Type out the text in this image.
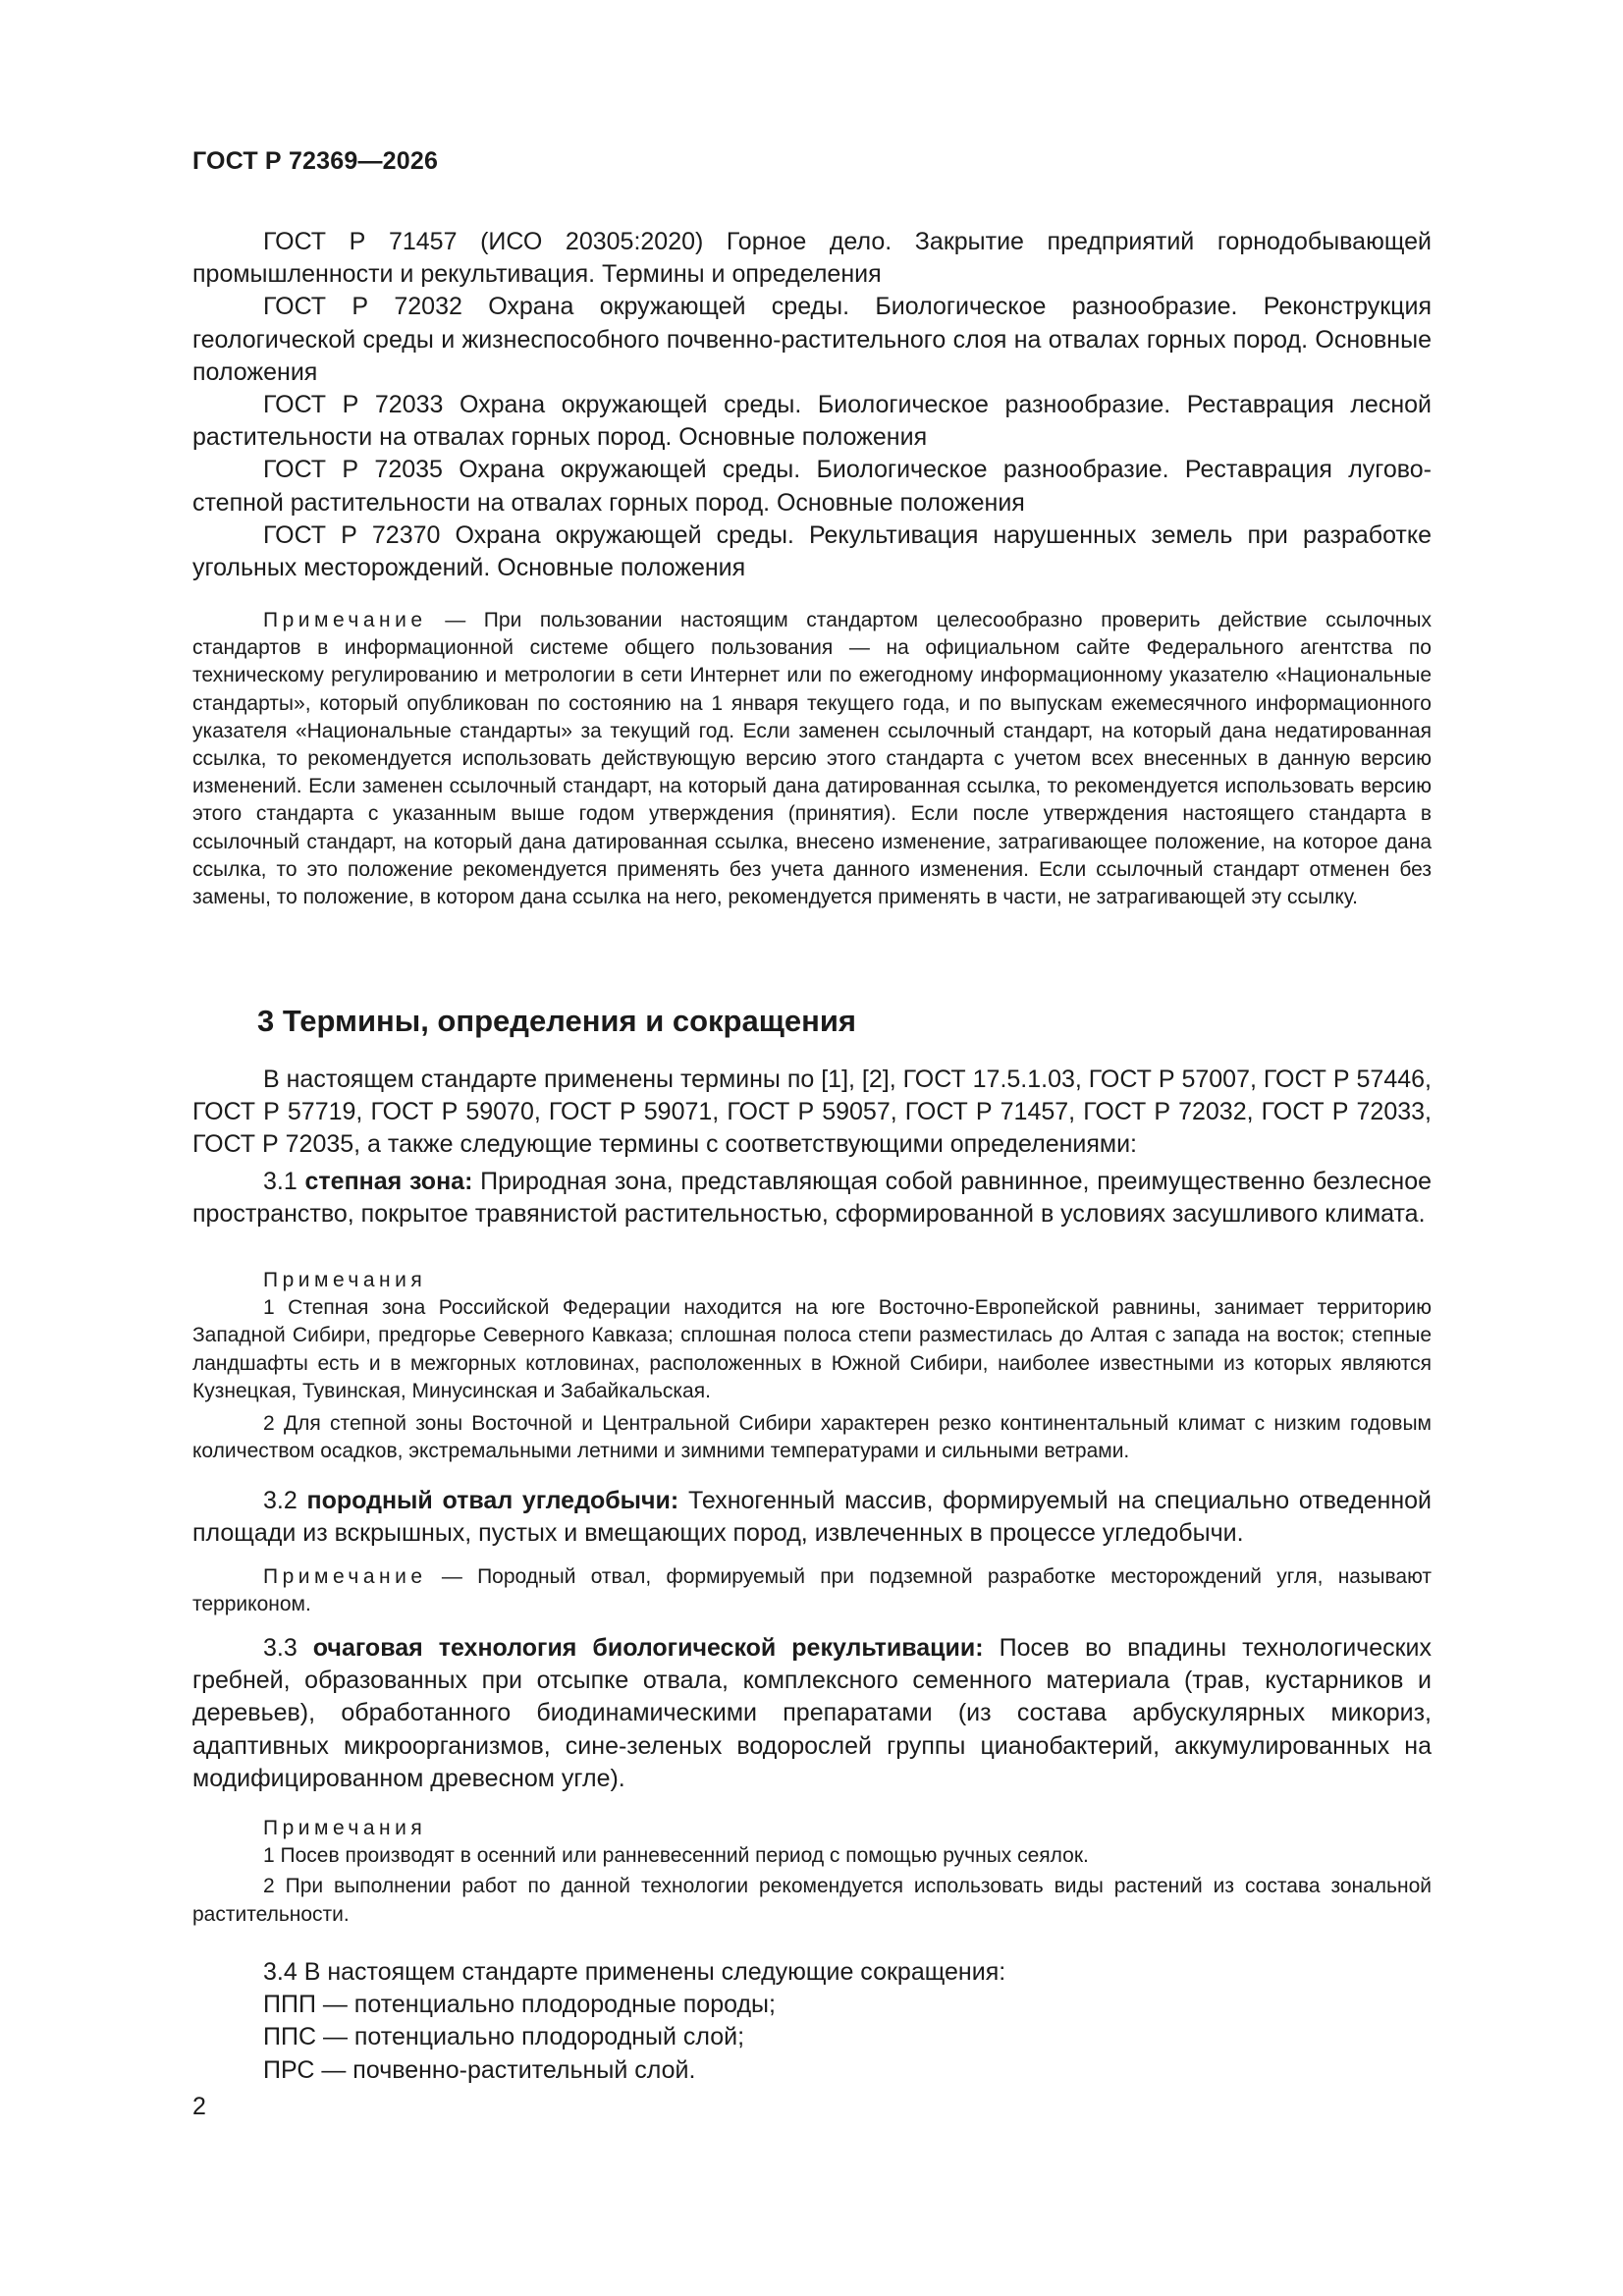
ГОСТ Р 72369—2026

ГОСТ Р 71457 (ИСО 20305:2020) Горное дело. Закрытие предприятий горнодобывающей промышленности и рекультивация. Термины и определения

ГОСТ Р 72032 Охрана окружающей среды. Биологическое разнообразие. Реконструкция геологической среды и жизнеспособного почвенно-растительного слоя на отвалах горных пород. Основные положения

ГОСТ Р 72033 Охрана окружающей среды. Биологическое разнообразие. Реставрация лесной растительности на отвалах горных пород. Основные положения

ГОСТ Р 72035 Охрана окружающей среды. Биологическое разнообразие. Реставрация лугово-степной растительности на отвалах горных пород. Основные положения

ГОСТ Р 72370 Охрана окружающей среды. Рекультивация нарушенных земель при разработке угольных месторождений. Основные положения

Примечание — При пользовании настоящим стандартом целесообразно проверить действие ссылочных стандартов в информационной системе общего пользования — на официальном сайте Федерального агентства по техническому регулированию и метрологии в сети Интернет или по ежегодному информационному указателю «Национальные стандарты», который опубликован по состоянию на 1 января текущего года, и по выпускам ежемесячного информационного указателя «Национальные стандарты» за текущий год. Если заменен ссылочный стандарт, на который дана недатированная ссылка, то рекомендуется использовать действующую версию этого стандарта с учетом всех внесенных в данную версию изменений. Если заменен ссылочный стандарт, на который дана датированная ссылка, то рекомендуется использовать версию этого стандарта с указанным выше годом утверждения (принятия). Если после утверждения настоящего стандарта в ссылочный стандарт, на который дана датированная ссылка, внесено изменение, затрагивающее положение, на которое дана ссылка, то это положение рекомендуется применять без учета данного изменения. Если ссылочный стандарт отменен без замены, то положение, в котором дана ссылка на него, рекомендуется применять в части, не затрагивающей эту ссылку.

3 Термины, определения и сокращения

В настоящем стандарте применены термины по [1], [2], ГОСТ 17.5.1.03, ГОСТ Р 57007, ГОСТ Р 57446, ГОСТ Р 57719, ГОСТ Р 59070, ГОСТ Р 59071, ГОСТ Р 59057, ГОСТ Р 71457, ГОСТ Р 72032, ГОСТ Р 72033, ГОСТ Р 72035, а также следующие термины с соответствующими определениями:

3.1 степная зона: Природная зона, представляющая собой равнинное, преимущественно безлесное пространство, покрытое травянистой растительностью, сформированной в условиях засушливого климата.

Примечания

1 Степная зона Российской Федерации находится на юге Восточно-Европейской равнины, занимает территорию Западной Сибири, предгорье Северного Кавказа; сплошная полоса степи разместилась до Алтая с запада на восток; степные ландшафты есть и в межгорных котловинах, расположенных в Южной Сибири, наиболее известными из которых являются Кузнецкая, Тувинская, Минусинская и Забайкальская.

2 Для степной зоны Восточной и Центральной Сибири характерен резко континентальный климат с низким годовым количеством осадков, экстремальными летними и зимними температурами и сильными ветрами.

3.2 породный отвал угледобычи: Техногенный массив, формируемый на специально отведенной площади из вскрышных, пустых и вмещающих пород, извлеченных в процессе угледобычи.

Примечание — Породный отвал, формируемый при подземной разработке месторождений угля, называют терриконом.

3.3 очаговая технология биологической рекультивации: Посев во впадины технологических гребней, образованных при отсыпке отвала, комплексного семенного материала (трав, кустарников и деревьев), обработанного биодинамическими препаратами (из состава арбускулярных микориз, адаптивных микроорганизмов, сине-зеленых водорослей группы цианобактерий, аккумулированных на модифицированном древесном угле).

Примечания

1 Посев производят в осенний или ранневесенний период с помощью ручных сеялок.

2 При выполнении работ по данной технологии рекомендуется использовать виды растений из состава зональной растительности.

3.4 В настоящем стандарте применены следующие сокращения:

ППП — потенциально плодородные породы;

ППС — потенциально плодородный слой;

ПРС — почвенно-растительный слой.

2
